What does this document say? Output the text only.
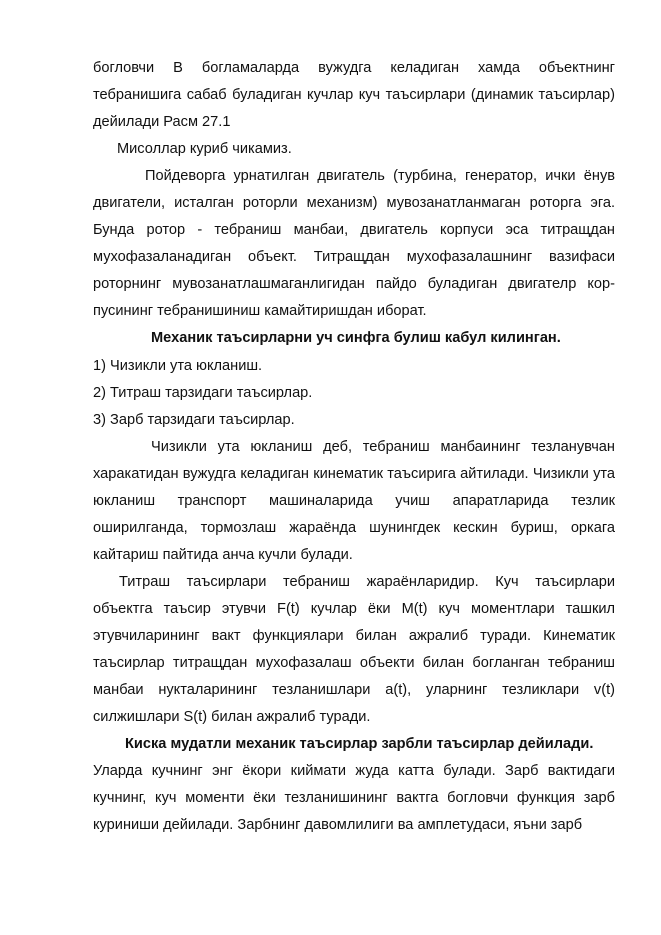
богловчи В богламаларда вужудга келадиган хамда объектнинг тебранишига сабаб буладиган кучлар куч таъсирлари (динамик таъсирлар) дейилади Расм 27.1

Мисоллар куриб чикамиз.

Пойдеворга урнатилган двигатель (турбина, генератор, ички ёнув двигатели, исталган роторли механизм) мувозанатланмаган роторга эга. Бунда ротор - тебраниш манбаи, двигатель корпуси эса титращдан мухофазаланадиган объект. Титращдан мухофазалашнинг вазифаси роторнинг мувозанатлашмаганлигидан пайдо буладиган двигателр кор-пусининг тебранишиниш камайтиришдан иборат.

Механик таъсирларни уч синфга булиш кабул килинган.

1) Чизикли ута юкланиш.

2) Титраш тарзидаги таъсирлар.

3) Зарб тарзидаги таъсирлар.

Чизикли ута юкланиш деб, тебраниш манбаининг тезланувчан харакатидан вужудга келадиган кинематик таъсирига айтилади. Чизикли ута юкланиш транспорт машиналарида учиш апаратларида тезлик оширилганда, тормозлаш жараёнда шунингдек кескин буриш, оркага кайтариш пайтида анча кучли булади.

Титраш таъсирлари тебраниш жараёнларидир. Куч таъсирлари объектга таъсир этувчи F(t) кучлар ёки M(t) куч моментлари ташкил этувчиларининг вакт функциялари билан ажралиб туради. Кинематик таъсирлар титращдан мухофазалаш объекти билан богланган тебраниш манбаи нукталарининг тезланишлари a(t), уларнинг тезликлари v(t) силжишлари S(t) билан ажралиб туради.

Киска мудатли механик таъсирлар зарбли таъсирлар дейилади.

Уларда кучнинг энг ёкори киймати жуда катта булади. Зарб вактидаги кучнинг, куч моменти ёки тезланишининг вактга богловчи функция зарб куриниши дейилади. Зарбнинг давомлилиги ва амплетудаси, яъни зарб
